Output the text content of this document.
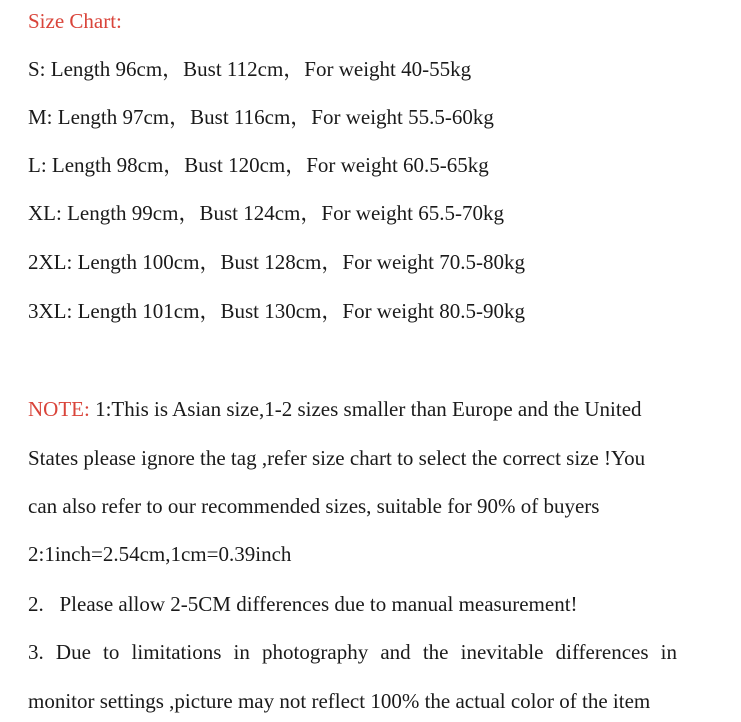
Size Chart:
S: Length 96cm，Bust 112cm，For weight 40-55kg
M: Length 97cm，Bust 116cm，For weight 55.5-60kg
L: Length 98cm，Bust 120cm，For weight 60.5-65kg
XL: Length 99cm，Bust 124cm，For weight 65.5-70kg
2XL: Length 100cm，Bust 128cm，For weight 70.5-80kg
3XL: Length 101cm，Bust 130cm，For weight 80.5-90kg
NOTE: 1:This is Asian size,1-2 sizes smaller than Europe and the United
States please ignore the tag ,refer size chart to select the correct size !You
can also refer to our recommended sizes, suitable for 90% of buyers
2:1inch=2.54cm,1cm=0.39inch
2.   Please allow 2-5CM differences due to manual measurement!
3. Due to limitations in photography and the inevitable differences in
monitor settings ,picture may not reflect 100% the actual color of the item
